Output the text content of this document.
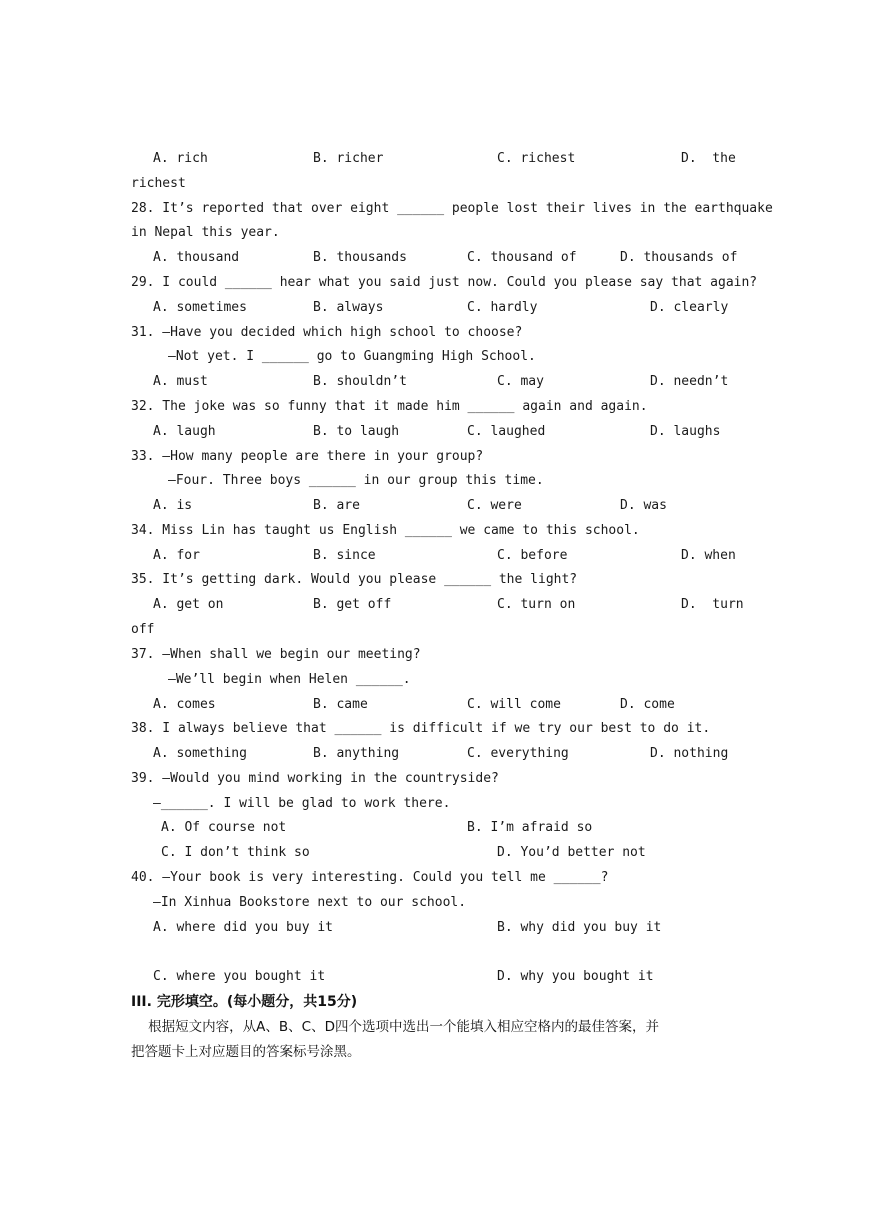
A. rich

	B. richer

	C. richest

	D.  the

richest

28. It’s reported that over eight ______ people lost their lives in the earthquake

in Nepal this year.

A. thousand

	B. thousands

	C. thousand of

	D. thousands of

29. I could ______ hear what you said just now. Could you please say that again?

A. sometimes

	B. always

	C. hardly

	D. clearly

31. —Have you decided which high school to choose?

—Not yet. I ______ go to Guangming High School.

A. must

	B. shouldn’t

	C. may

	D. needn’t

32. The joke was so funny that it made him ______ again and again.

A. laugh

	B. to laugh

	C. laughed

	D. laughs

33. —How many people are there in your group?

—Four. Three boys ______ in our group this time.

A. is

	B. are

	C. were

	D. was

34. Miss Lin has taught us English ______ we came to this school.

A. for

	B. since

	C. before

	D. when

35. It’s getting dark. Would you please ______ the light?

A. get on

	B. get off

	C. turn on

	D.  turn

off

37. —When shall we begin our meeting?

—We’ll begin when Helen ______.

A. comes

	B. came

	C. will come

	D. come

38. I always believe that ______ is difficult if we try our best to do it.

A. something

	B. anything

	C. everything

	D. nothing

39. —Would you mind working in the countryside?

—______. I will be glad to work there.

A. Of course not

	B. I’m afraid so

C. I don’t think so

	D. You’d better not

40. —Your book is very interesting. Could you tell me ______?

—In Xinhua Bookstore next to our school.

A. where did you buy it

	B. why did you buy it

C. where you bought it

	D. why you bought it

III. 完形填空。(每小题分，共15分)
根据短文内容，从A、B、C、D四个选项中选出一个能填入相应空格内的最佳答案，并
把答题卡上对应题目的答案标号涂黑。
